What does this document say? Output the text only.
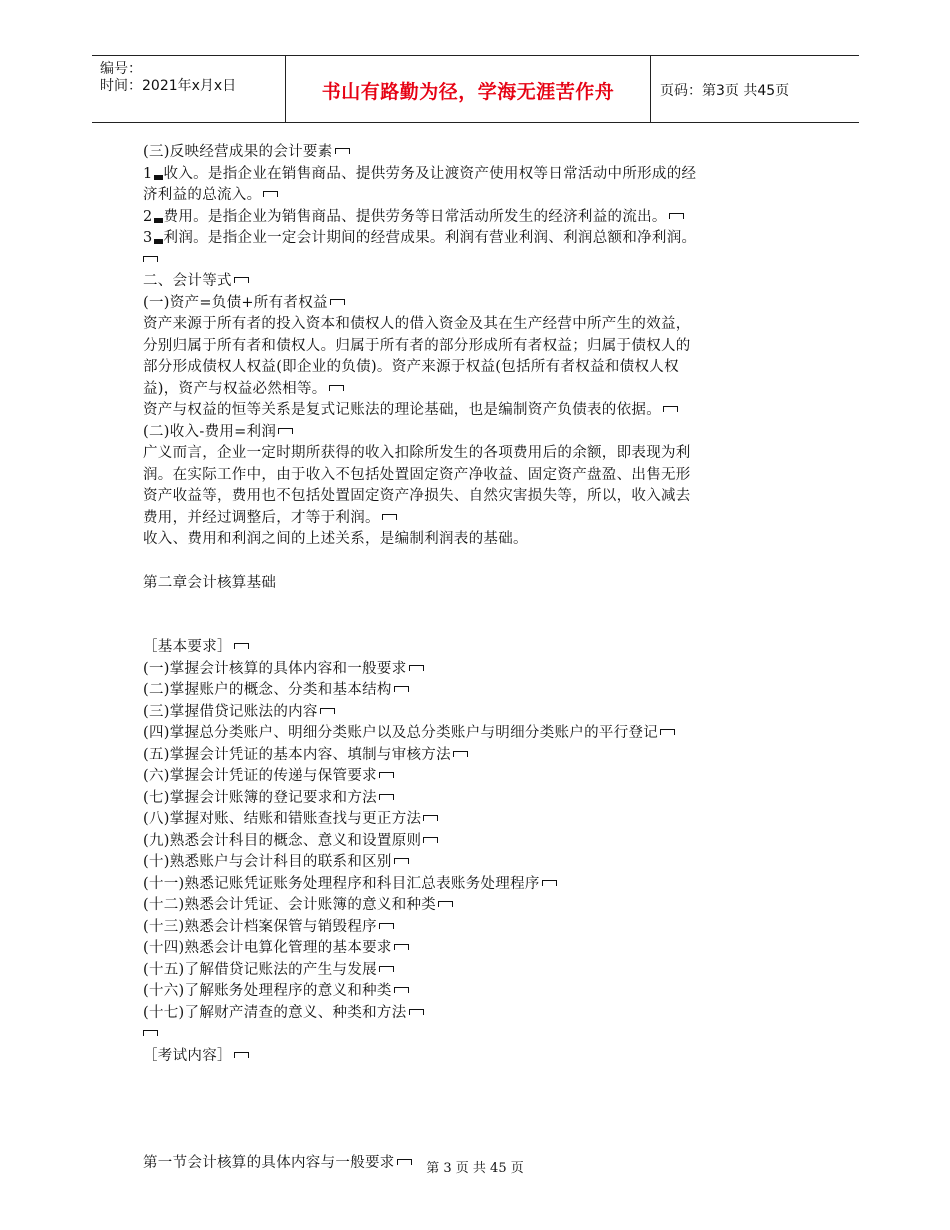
编号：
时间：2021年x月x日	书山有路勤为径，学海无涯苦作舟	页码：第3页 共45页
(三)反映经营成果的会计要素
1 收入。是指企业在销售商品、提供劳务及让渡资产使用权等日常活动中所形成的经
济利益的总流入。
2 费用。是指企业为销售商品、提供劳务等日常活动所发生的经济利益的流出。
3 利润。是指企业一定会计期间的经营成果。利润有营业利润、利润总额和净利润。
二、会计等式
(一)资产=负债+所有者权益
资产来源于所有者的投入资本和债权人的借入资金及其在生产经营中所产生的效益，
分别归属于所有者和债权人。归属于所有者的部分形成所有者权益；归属于债权人的
部分形成债权人权益(即企业的负债)。资产来源于权益(包括所有者权益和债权人权
益)，资产与权益必然相等。
资产与权益的恒等关系是复式记账法的理论基础，也是编制资产负债表的依据。
(二)收入-费用=利润
广义而言，企业一定时期所获得的收入扣除所发生的各项费用后的余额，即表现为利
润。在实际工作中，由于收入不包括处置固定资产净收益、固定资产盘盈、出售无形
资产收益等，费用也不包括处置固定资产净损失、自然灾害损失等，所以，收入减去
费用，并经过调整后，才等于利润。
收入、费用和利润之间的上述关系，是编制利润表的基础。
第二章会计核算基础
［基本要求］
(一)掌握会计核算的具体内容和一般要求
(二)掌握账户的概念、分类和基本结构
(三)掌握借贷记账法的内容
(四)掌握总分类账户、明细分类账户以及总分类账户与明细分类账户的平行登记
(五)掌握会计凭证的基本内容、填制与审核方法
(六)掌握会计凭证的传递与保管要求
(七)掌握会计账簿的登记要求和方法
(八)掌握对账、结账和错账查找与更正方法
(九)熟悉会计科目的概念、意义和设置原则
(十)熟悉账户与会计科目的联系和区别
(十一)熟悉记账凭证账务处理程序和科目汇总表账务处理程序
(十二)熟悉会计凭证、会计账簿的意义和种类
(十三)熟悉会计档案保管与销毁程序
(十四)熟悉会计电算化管理的基本要求
(十五)了解借贷记账法的产生与发展
(十六)了解账务处理程序的意义和种类
(十七)了解财产清查的意义、种类和方法
［考试内容］
第一节会计核算的具体内容与一般要求	第 3 页 共 45 页
